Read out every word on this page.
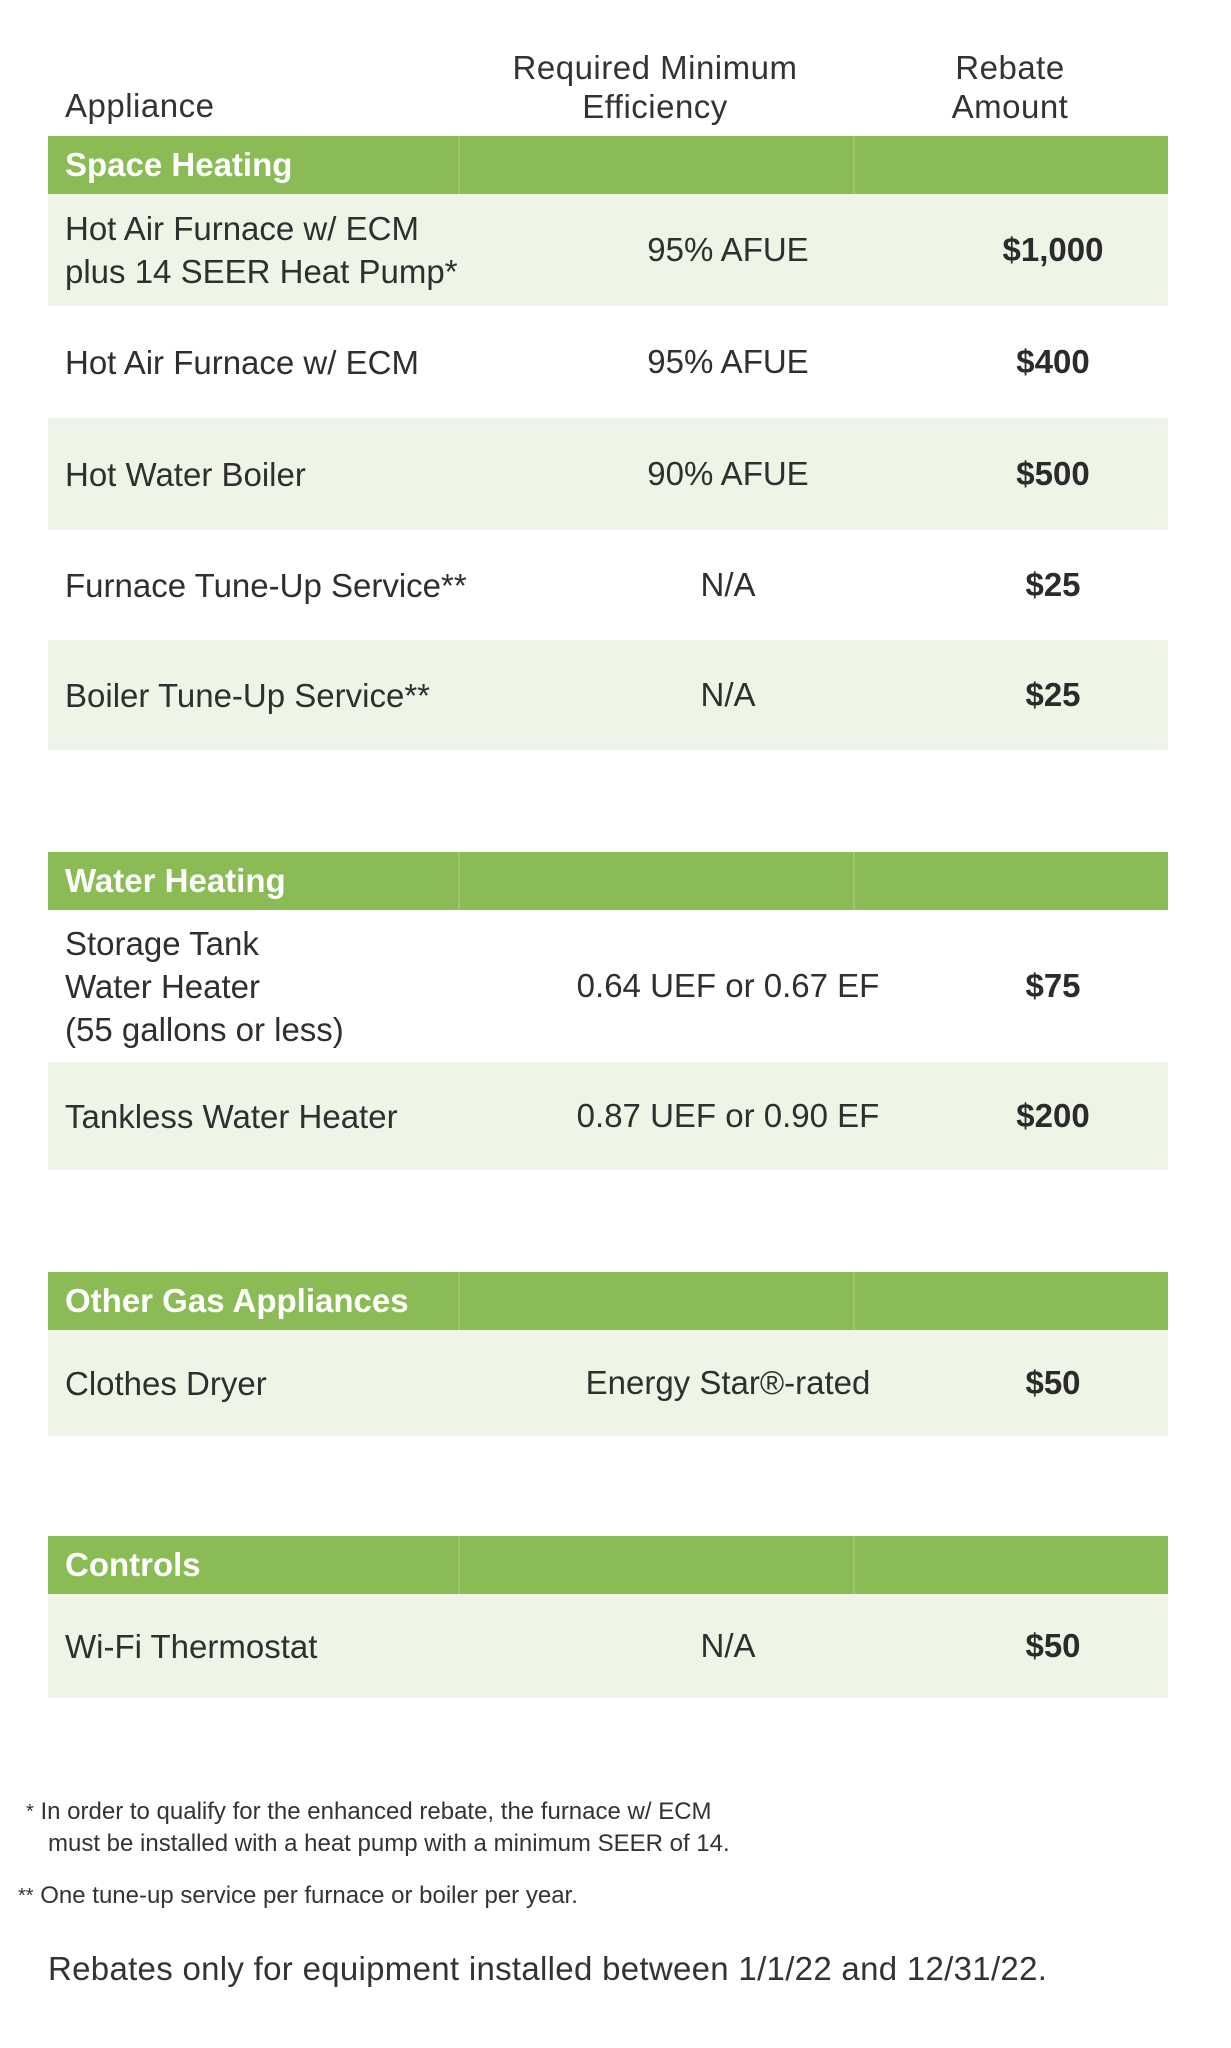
Appliance
Required Minimum
Efficiency
Rebate
Amount
Space Heating
Hot Air Furnace w/ ECM
plus 14 SEER Heat Pump*
95% AFUE	$1,000
Hot Air Furnace w/ ECM	95% AFUE	$400
Hot Water Boiler	90% AFUE	$500
Furnace Tune-Up Service**	N/A	$25
Boiler Tune-Up Service**	N/A	$25
Water Heating
Storage Tank
Water Heater
(55 gallons or less)
0.64 UEF or 0.67 EF	$75
Tankless Water Heater	0.87 UEF or 0.90 EF	$200
Other Gas Appliances
Clothes Dryer	Energy Star®-rated	$50
Controls
Wi-Fi Thermostat	N/A	$50
* In order to qualify for the enhanced rebate, the furnace w/ ECM
must be installed with a heat pump with a minimum SEER of 14.
** One tune-up service per furnace or boiler per year.
Rebates only for equipment installed between 1/1/22 and 12/31/22.
